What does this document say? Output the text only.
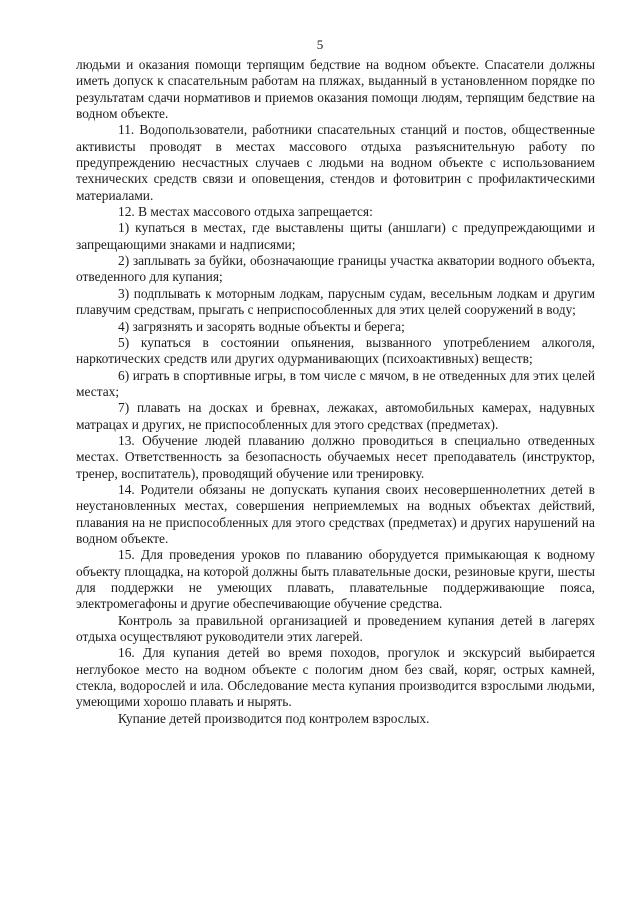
5

людьми и оказания помощи терпящим бедствие на водном объекте. Спасатели должны иметь допуск к спасательным работам на пляжах, выданный в установленном порядке по результатам сдачи нормативов и приемов оказания помощи людям, терпящим бедствие на водном объекте.

11. Водопользователи, работники спасательных станций и постов, общественные активисты проводят в местах массового отдыха разъяснительную работу по предупреждению несчастных случаев с людьми на водном объекте с использованием технических средств связи и оповещения, стендов и фотовитрин с профилактическими материалами.

12. В местах массового отдыха запрещается:

1) купаться в местах, где выставлены щиты (аншлаги) с предупреждающими и запрещающими знаками и надписями;

2) заплывать за буйки, обозначающие границы участка акватории водного объекта, отведенного для купания;

3) подплывать к моторным лодкам, парусным судам, весельным лодкам и другим плавучим средствам, прыгать с неприспособленных для этих целей сооружений в воду;

4) загрязнять и засорять водные объекты и берега;

5) купаться в состоянии опьянения, вызванного употреблением алкоголя, наркотических средств или других одурманивающих (психоактивных) веществ;

6) играть в спортивные игры, в том числе с мячом, в не отведенных для этих целей местах;

7) плавать на досках и бревнах, лежаках, автомобильных камерах, надувных матрацах и других, не приспособленных для этого средствах (предметах).

13. Обучение людей плаванию должно проводиться в специально отведенных местах. Ответственность за безопасность обучаемых несет преподаватель (инструктор, тренер, воспитатель), проводящий обучение или тренировку.

14. Родители обязаны не допускать купания своих несовершеннолетних детей в неустановленных местах, совершения неприемлемых на водных объектах действий, плавания на не приспособленных для этого средствах (предметах) и других нарушений на водном объекте.

15. Для проведения уроков по плаванию оборудуется примыкающая к водному объекту площадка, на которой должны быть плавательные доски, резиновые круги, шесты для поддержки не умеющих плавать, плавательные поддерживающие пояса, электромегафоны и другие обеспечивающие обучение средства.

Контроль за правильной организацией и проведением купания детей в лагерях отдыха осуществляют руководители этих лагерей.

16. Для купания детей во время походов, прогулок и экскурсий выбирается неглубокое место на водном объекте с пологим дном без свай, коряг, острых камней, стекла, водорослей и ила. Обследование места купания производится взрослыми людьми, умеющими хорошо плавать и нырять.

Купание детей производится под контролем взрослых.
